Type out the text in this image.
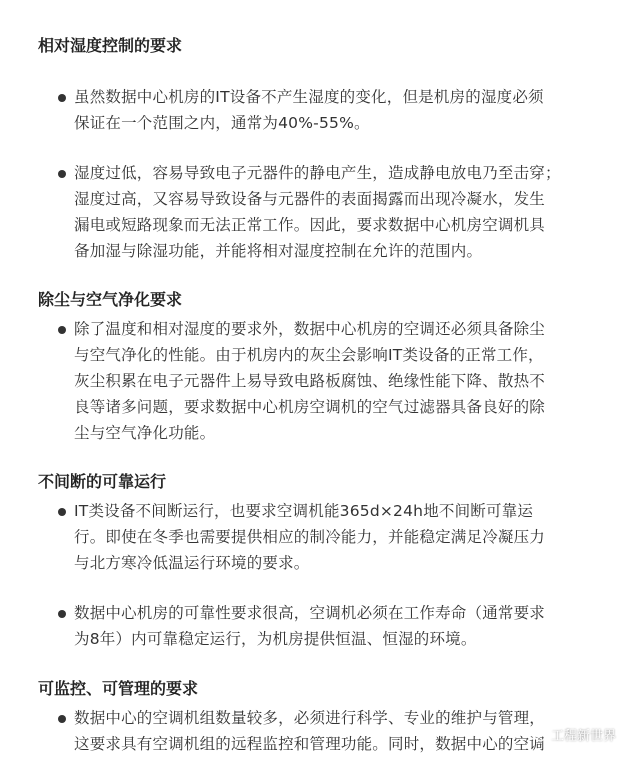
相对湿度控制的要求
虽然数据中心机房的IT设备不产生湿度的变化，但是机房的湿度必须
保证在一个范围之内，通常为40%-55%。
湿度过低，容易导致电子元器件的静电产生，造成静电放电乃至击穿；
湿度过高，又容易导致设备与元器件的表面揭露而出现冷凝水，发生
漏电或短路现象而无法正常工作。因此，要求数据中心机房空调机具
备加湿与除湿功能，并能将相对湿度控制在允许的范围内。
除尘与空气净化要求
除了温度和相对湿度的要求外，数据中心机房的空调还必须具备除尘
与空气净化的性能。由于机房内的灰尘会影响IT类设备的正常工作，
灰尘积累在电子元器件上易导致电路板腐蚀、绝缘性能下降、散热不
良等诸多问题，要求数据中心机房空调机的空气过滤器具备良好的除
尘与空气净化功能。
不间断的可靠运行
IT类设备不间断运行，也要求空调机能365d×24h地不间断可靠运
行。即使在冬季也需要提供相应的制冷能力，并能稳定满足冷凝压力
与北方寒冷低温运行环境的要求。
数据中心机房的可靠性要求很高，空调机必须在工作寿命（通常要求
为8年）内可靠稳定运行，为机房提供恒温、恒湿的环境。
可监控、可管理的要求
数据中心的空调机组数量较多，必须进行科学、专业的维护与管理，
这要求具有空调机组的远程监控和管理功能。同时，数据中心的空调 工程新世界
